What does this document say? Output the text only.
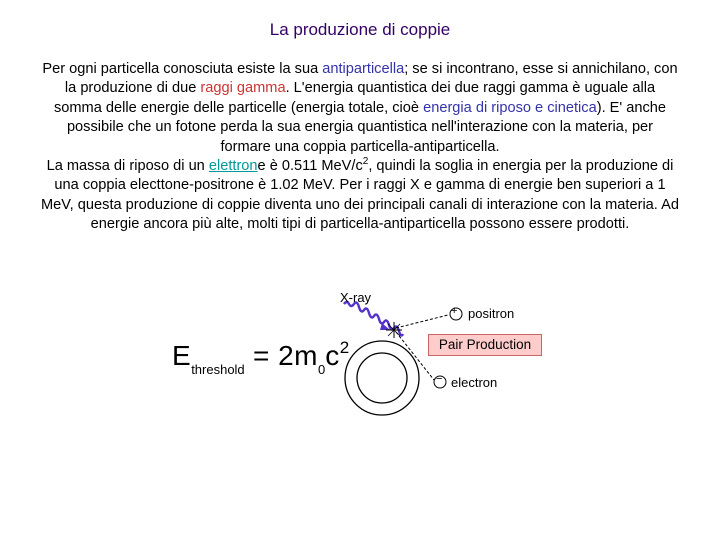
La produzione di coppie
Per ogni particella conosciuta esiste la sua antiparticella; se si incontrano, esse si annichilano, con la produzione di due raggi gamma. L'energia quantistica dei due raggi gamma è uguale alla somma delle energie delle particelle (energia totale, cioè energia di riposo e cinetica). E' anche possibile che un fotone perda la sua energia quantistica nell'interazione con la materia, per formare una coppia particella-antiparticella.
La massa di riposo di un elettrone è 0.511 MeV/$c^2$, quindi la soglia in energia per la produzione di una coppia electtone-positrone è 1.02 MeV. Per i raggi X e gamma di energie ben superiori a 1 MeV, questa produzione di coppie diventa uno dei principali canali di interazione con la materia. Ad energie ancora più alte, molti tipi di particella-antiparticella possono essere prodotti.
$E_{threshold} = 2m_0c^2$
X-ray
+ positron
Pair Production
− electron
